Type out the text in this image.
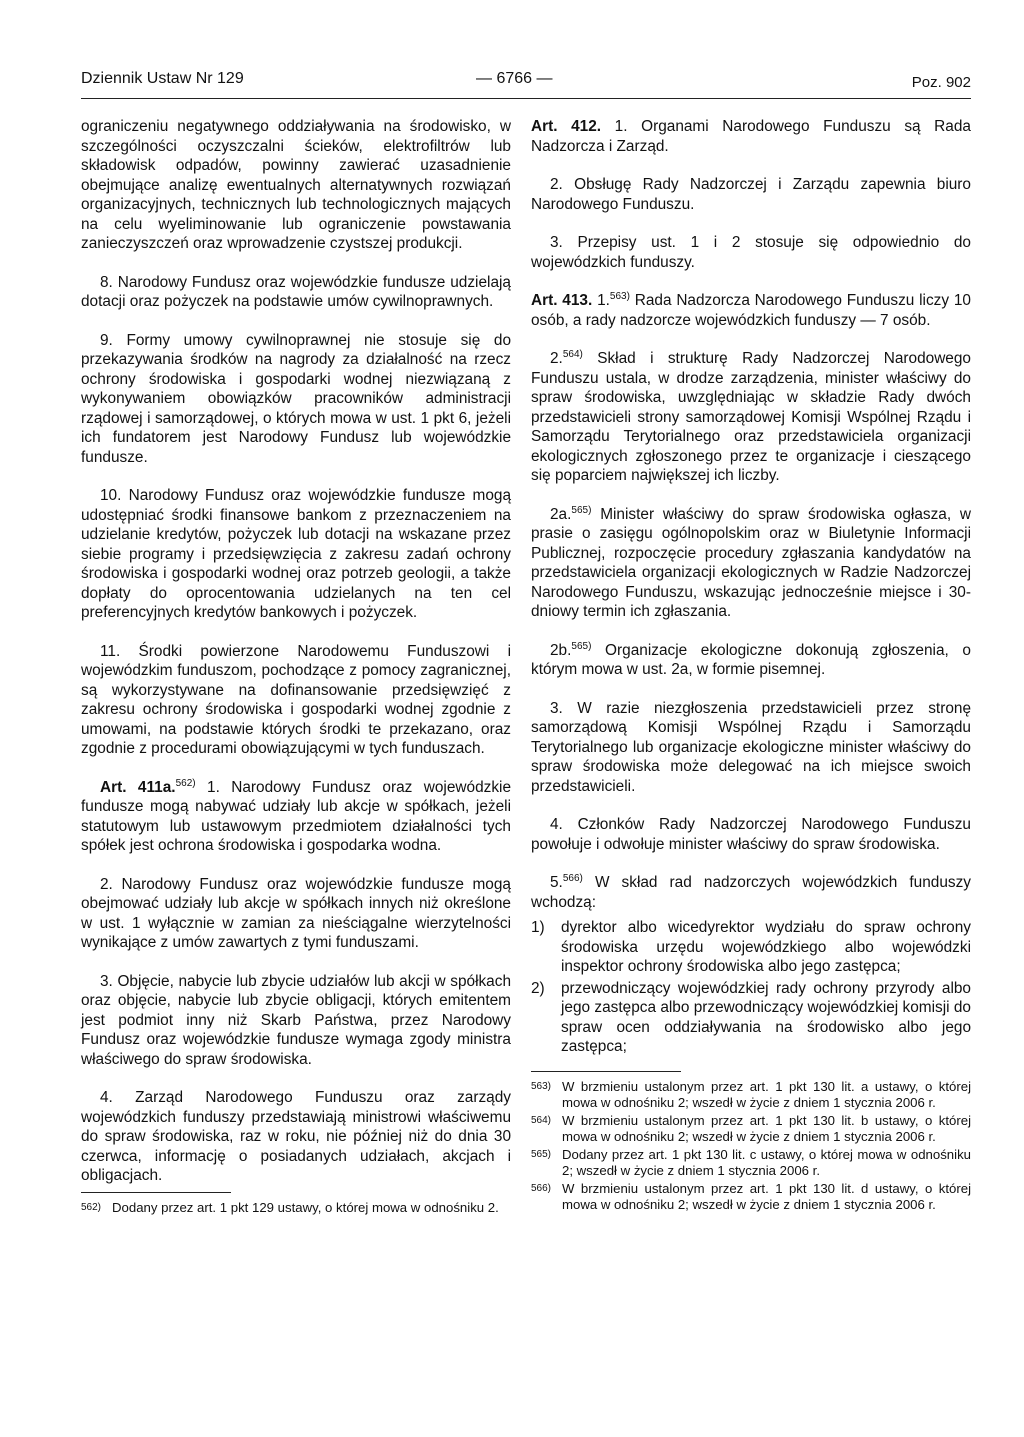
Dziennik Ustaw Nr 129	— 6766 —	Poz. 902

ograniczeniu negatywnego oddziaływania na środowisko, w szczególności oczyszczalni ścieków, elektrofiltrów lub składowisk odpadów, powinny zawierać uzasadnienie obejmujące analizę ewentualnych alternatywnych rozwiązań organizacyjnych, technicznych lub technologicznych mających na celu wyeliminowanie lub ograniczenie powstawania zanieczyszczeń oraz wprowadzenie czystszej produkcji.

8. Narodowy Fundusz oraz wojewódzkie fundusze udzielają dotacji oraz pożyczek na podstawie umów cywilnoprawnych.

9. Formy umowy cywilnoprawnej nie stosuje się do przekazywania środków na nagrody za działalność na rzecz ochrony środowiska i gospodarki wodnej niezwiązaną z wykonywaniem obowiązków pracowników administracji rządowej i samorządowej, o których mowa w ust. 1 pkt 6, jeżeli ich fundatorem jest Narodowy Fundusz lub wojewódzkie fundusze.

10. Narodowy Fundusz oraz wojewódzkie fundusze mogą udostępniać środki finansowe bankom z przeznaczeniem na udzielanie kredytów, pożyczek lub dotacji na wskazane przez siebie programy i przedsięwzięcia z zakresu zadań ochrony środowiska i gospodarki wodnej oraz potrzeb geologii, a także dopłaty do oprocentowania udzielanych na ten cel preferencyjnych kredytów bankowych i pożyczek.

11. Środki powierzone Narodowemu Funduszowi i wojewódzkim funduszom, pochodzące z pomocy zagranicznej, są wykorzystywane na dofinansowanie przedsięwzięć z zakresu ochrony środowiska i gospodarki wodnej zgodnie z umowami, na podstawie których środki te przekazano, oraz zgodnie z procedurami obowiązującymi w tych funduszach.

Art. 411a.$^{562)}$ 1. Narodowy Fundusz oraz wojewódzkie fundusze mogą nabywać udziały lub akcje w spółkach, jeżeli statutowym lub ustawowym przedmiotem działalności tych spółek jest ochrona środowiska i gospodarka wodna.

2. Narodowy Fundusz oraz wojewódzkie fundusze mogą obejmować udziały lub akcje w spółkach innych niż określone w ust. 1 wyłącznie w zamian za nieściągalne wierzytelności wynikające z umów zawartych z tymi funduszami.

3. Objęcie, nabycie lub zbycie udziałów lub akcji w spółkach oraz objęcie, nabycie lub zbycie obligacji, których emitentem jest podmiot inny niż Skarb Państwa, przez Narodowy Fundusz oraz wojewódzkie fundusze wymaga zgody ministra właściwego do spraw środowiska.

4. Zarząd Narodowego Funduszu oraz zarządy wojewódzkich funduszy przedstawiają ministrowi właściwemu do spraw środowiska, raz w roku, nie później niż do dnia 30 czerwca, informację o posiadanych udziałach, akcjach i obligacjach.

562) Dodany przez art. 1 pkt 129 ustawy, o której mowa w odnośniku 2.

Art. 412. 1. Organami Narodowego Funduszu są Rada Nadzorcza i Zarząd.

2. Obsługę Rady Nadzorczej i Zarządu zapewnia biuro Narodowego Funduszu.

3. Przepisy ust. 1 i 2 stosuje się odpowiednio do wojewódzkich funduszy.

Art. 413. 1.$^{563)}$ Rada Nadzorcza Narodowego Funduszu liczy 10 osób, a rady nadzorcze wojewódzkich funduszy — 7 osób.

2.$^{564)}$ Skład i strukturę Rady Nadzorczej Narodowego Funduszu ustala, w drodze zarządzenia, minister właściwy do spraw środowiska, uwzględniając w składzie Rady dwóch przedstawicieli strony samorządowej Komisji Wspólnej Rządu i Samorządu Terytorialnego oraz przedstawiciela organizacji ekologicznych zgłoszonego przez te organizacje i cieszącego się poparciem największej ich liczby.

2a.$^{565)}$ Minister właściwy do spraw środowiska ogłasza, w prasie o zasięgu ogólnopolskim oraz w Biuletynie Informacji Publicznej, rozpoczęcie procedury zgłaszania kandydatów na przedstawiciela organizacji ekologicznych w Radzie Nadzorczej Narodowego Funduszu, wskazując jednocześnie miejsce i 30-dniowy termin ich zgłaszania.

2b.$^{565)}$ Organizacje ekologiczne dokonują zgłoszenia, o którym mowa w ust. 2a, w formie pisemnej.

3. W razie niezgłoszenia przedstawicieli przez stronę samorządową Komisji Wspólnej Rządu i Samorządu Terytorialnego lub organizacje ekologiczne minister właściwy do spraw środowiska może delegować na ich miejsce swoich przedstawicieli.

4. Członków Rady Nadzorczej Narodowego Funduszu powołuje i odwołuje minister właściwy do spraw środowiska.

5.$^{566)}$ W skład rad nadzorczych wojewódzkich funduszy wchodzą:

1) dyrektor albo wicedyrektor wydziału do spraw ochrony środowiska urzędu wojewódzkiego albo wojewódzki inspektor ochrony środowiska albo jego zastępca;
2) przewodniczący wojewódzkiej rady ochrony przyrody albo jego zastępca albo przewodniczący wojewódzkiej komisji do spraw ocen oddziaływania na środowisko albo jego zastępca;
563) W brzmieniu ustalonym przez art. 1 pkt 130 lit. a ustawy, o której mowa w odnośniku 2; wszedł w życie z dniem 1 stycznia 2006 r.
564) W brzmieniu ustalonym przez art. 1 pkt 130 lit. b ustawy, o której mowa w odnośniku 2; wszedł w życie z dniem 1 stycznia 2006 r.
565) Dodany przez art. 1 pkt 130 lit. c ustawy, o której mowa w odnośniku 2; wszedł w życie z dniem 1 stycznia 2006 r.
566) W brzmieniu ustalonym przez art. 1 pkt 130 lit. d ustawy, o której mowa w odnośniku 2; wszedł w życie z dniem 1 stycznia 2006 r.
